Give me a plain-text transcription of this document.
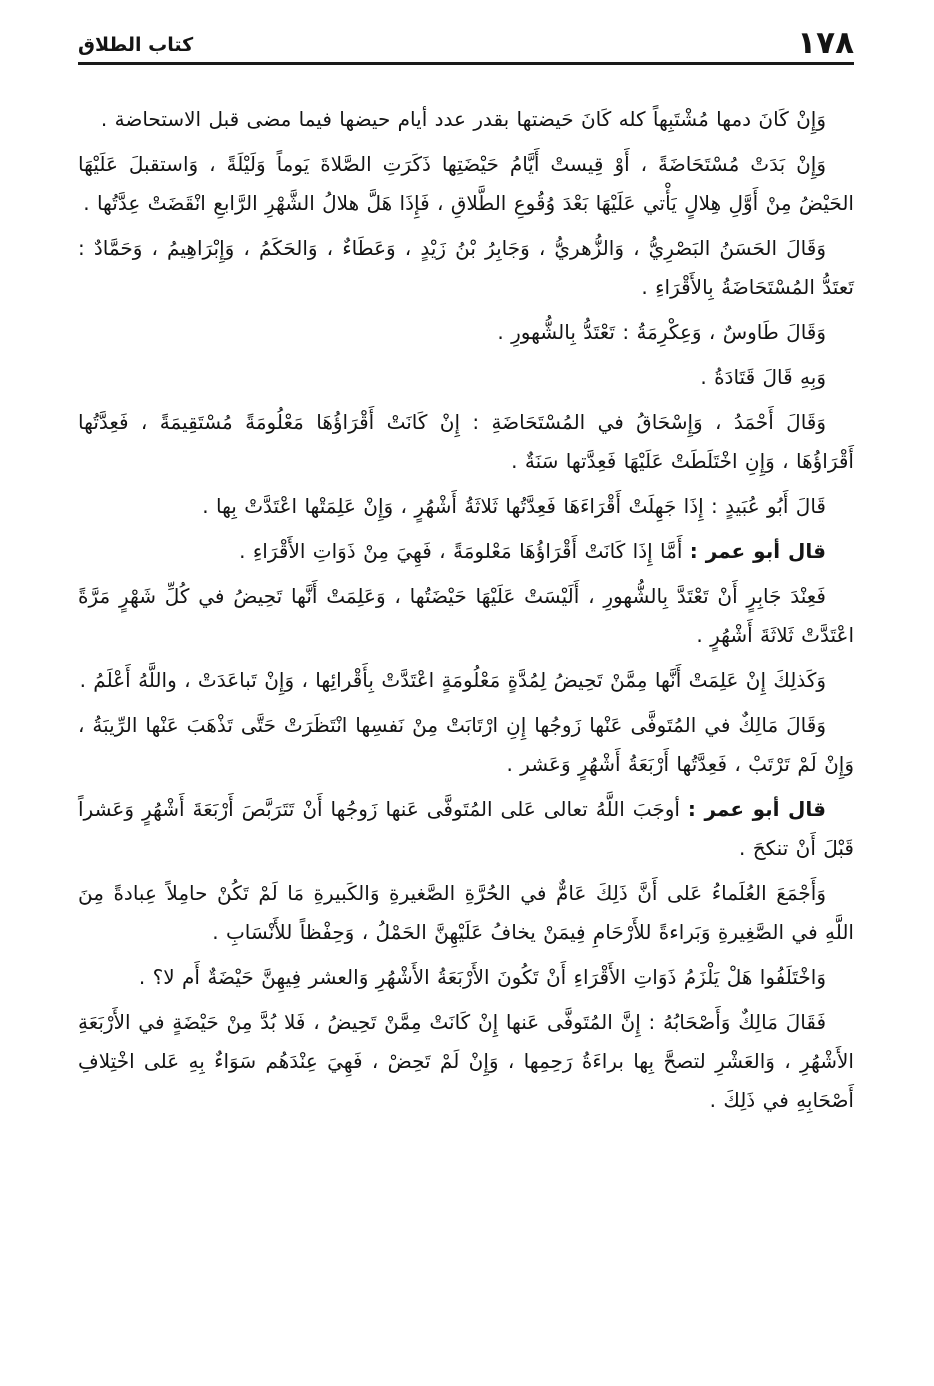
١٧٨
كتاب الطلاق

وَإِنْ كَانَ دمها مُشْتَبِهاً كله كَانَ حَيضتها بقدر عدد أيام حيضها فيما مضى قبل الاستحاضة .

وَإِنْ بَدَتْ مُسْتَحَاضَةً ، أَوْ قِيستْ أَيَّامُ حَيْضَتِها ذَكَرَتِ الصَّلاةَ يَوماً وَلَيْلَةً ، وَاستقبلَ عَلَيْهَا الحَيْضُ مِنْ أَوَّلِ هِلالٍ يَأْتي عَلَيْهَا بَعْدَ وُقُوعِ الطَّلاقِ ، فَإِذَا هَلَّ هلالُ الشَّهْرِ الرَّابعِ انْقَضَتْ عِدَّتُها .

وَقَالَ الحَسَنُ البَصْرِيُّ ، وَالزُّهريُّ ، وَجَابِرُ بْنُ زَيْدٍ ، وَعَطَاءٌ ، وَالحَكَمُ ، وَإِبْرَاهِيمُ ، وَحَمَّادٌ : تَعتَدُّ المُسْتَحَاضَةُ بِالأَقْرَاءِ .

وَقَالَ طَاوسٌ ، وَعِكْرِمَةُ : تَعْتَدُّ بِالشُّهورِ .

وَبِهِ قَالَ قَتَادَةُ .

وَقَالَ أَحْمَدُ ، وَإِسْحَاقُ في المُسْتَحَاضَةِ : إِنْ كَانَتْ أَقْرَاؤُهَا مَعْلُومَةً مُسْتَقِيمَةً ، فَعِدَّتُها أَقْرَاؤُهَا ، وَإِنِ اخْتَلَطَتْ عَلَيْهَا فَعِدَّتها سَنَةٌ .

قَالَ أَبُو عُبَيدٍ : إِذَا جَهِلَتْ أَقْرَاءَهَا فَعِدَّتُها ثَلاثَةُ أَشْهُرٍ ، وَإِنْ عَلِمَتْها اعْتَدَّتْ بِها .

قال أبو عمر : أَمَّا إِذَا كَانَتْ أَقْرَاؤُهَا مَعْلومَةً ، فَهِيَ مِنْ ذَوَاتِ الأَقْرَاءِ .

فَعِنْدَ جَابِرٍ أَنْ تَعْتَدَّ بِالشُّهورِ ، أَلَيْسَتْ عَلَيْهَا حَيْضَتُها ، وَعَلِمَتْ أَنَّها تَحِيضُ في كُلِّ شَهْرٍ مَرَّةً اعْتَدَّتْ ثَلاثَةَ أَشْهُرٍ .

وَكَذلِكَ إِنْ عَلِمَتْ أَنَّها مِمَّنْ تَحِيضُ لِمُدَّةٍ مَعْلُومَةٍ اعْتَدَّتْ بِأَقْرائِها ، وَإِنْ تَباعَدَتْ ، واللَّهُ أَعْلَمُ .

وَقَالَ مَالِكٌ في المُتَوفَّى عَنْها زَوجُها إِنِ ارْتَابَتْ مِنْ نَفسِها انْتَظَرَتْ حَتَّى تَذْهَبَ عَنْها الرِّيبَةُ ، وَإِنْ لَمْ تَرْتَبْ ، فَعِدَّتُها أَرْبَعَةُ أَشْهُرٍ وَعَشر .

قال أبو عمر : أوجَبَ اللَّهُ تعالى عَلى المُتَوفَّى عَنها زَوجُها أَنْ تَتَرَبَّصَ أَرْبَعَةَ أَشْهُرٍ وَعَشراً قَبْلَ أَنْ تنكحَ .

وَأَجْمَعَ العُلَماءُ عَلى أَنَّ ذَلِكَ عَامٌّ في الحُرَّةِ الصَّغيرةِ وَالكَبيرةِ مَا لَمْ تَكُنْ حامِلاً عِبادةً مِنَ اللَّهِ في الصَّغِيرةِ وَبَراءةً للأَرْحَامِ فِيمَنْ يخافُ عَلَيْهِنَّ الحَمْلُ ، وَحِفْظاً للأَنْسَابِ .

وَاخْتَلَفُوا هَلْ يَلْزَمُ ذَوَاتِ الأَقْرَاءِ أَنْ تَكُونَ الأَرْبَعَةُ الأَشْهُرِ وَالعشر فِيهِنَّ حَيْضَةٌ أَم لا؟ .

فَقَالَ مَالِكٌ وَأَصْحَابُهُ : إِنَّ المُتَوفَّى عَنها إِنْ كَانَتْ مِمَّنْ تَحِيضُ ، فَلا بُدَّ مِنْ حَيْضَةٍ في الأَرْبَعَةِ الأَشْهُرِ ، وَالعَشْرِ لتصحَّ بِها براءَةُ رَحِمِها ، وَإِنْ لَمْ تَحِضْ ، فَهِيَ عِنْدَهُم سَوَاءٌ بِهِ عَلى اخْتِلافِ أَصْحَابِهِ في ذَلِكَ .
